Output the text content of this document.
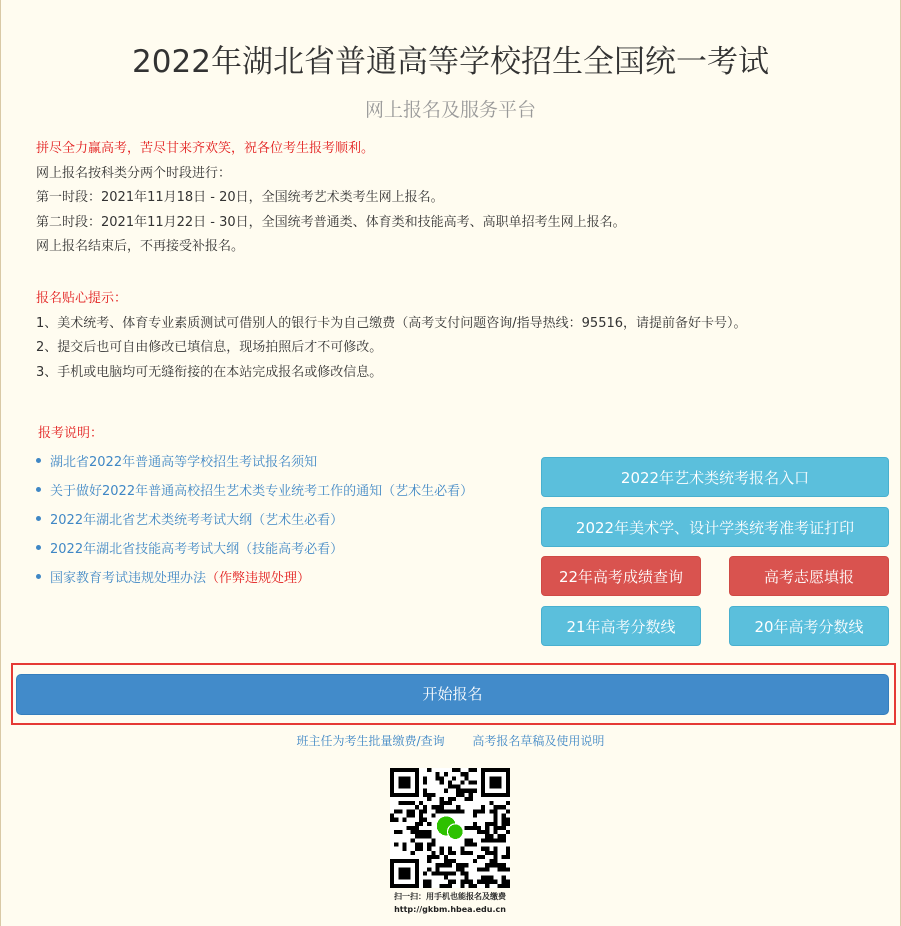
2022年湖北省普通高等学校招生全国统一考试
网上报名及服务平台
拼尽全力赢高考，苦尽甘来齐欢笑，祝各位考生报考顺利。
网上报名按科类分两个时段进行：
第一时段：2021年11月18日 - 20日，全国统考艺术类考生网上报名。
第二时段：2021年11月22日 - 30日，全国统考普通类、体育类和技能高考、高职单招考生网上报名。
网上报名结束后，不再接受补报名。
报名贴心提示：
1、美术统考、体育专业素质测试可借别人的银行卡为自己缴费（高考支付问题咨询/指导热线：95516，请提前备好卡号）。
2、提交后也可自由修改已填信息，现场拍照后才不可修改。
3、手机或电脑均可无缝衔接的在本站完成报名或修改信息。
报考说明：
湖北省2022年普通高等学校招生考试报名须知
关于做好2022年普通高校招生艺术类专业统考工作的通知（艺术生必看）
2022年湖北省艺术类统考考试大纲（艺术生必看）
2022年湖北省技能高考考试大纲（技能高考必看）
国家教育考试违规处理办法（作弊违规处理）
2022年艺术类统考报名入口
2022年美术学、设计学类统考准考证打印
22年高考成绩查询	高考志愿填报
21年高考分数线	20年高考分数线
开始报名
班主任为考生批量缴费/查询 高考报名草稿及使用说明
扫一扫：用手机也能报名及缴费
http://gkbm.hbea.edu.cn
